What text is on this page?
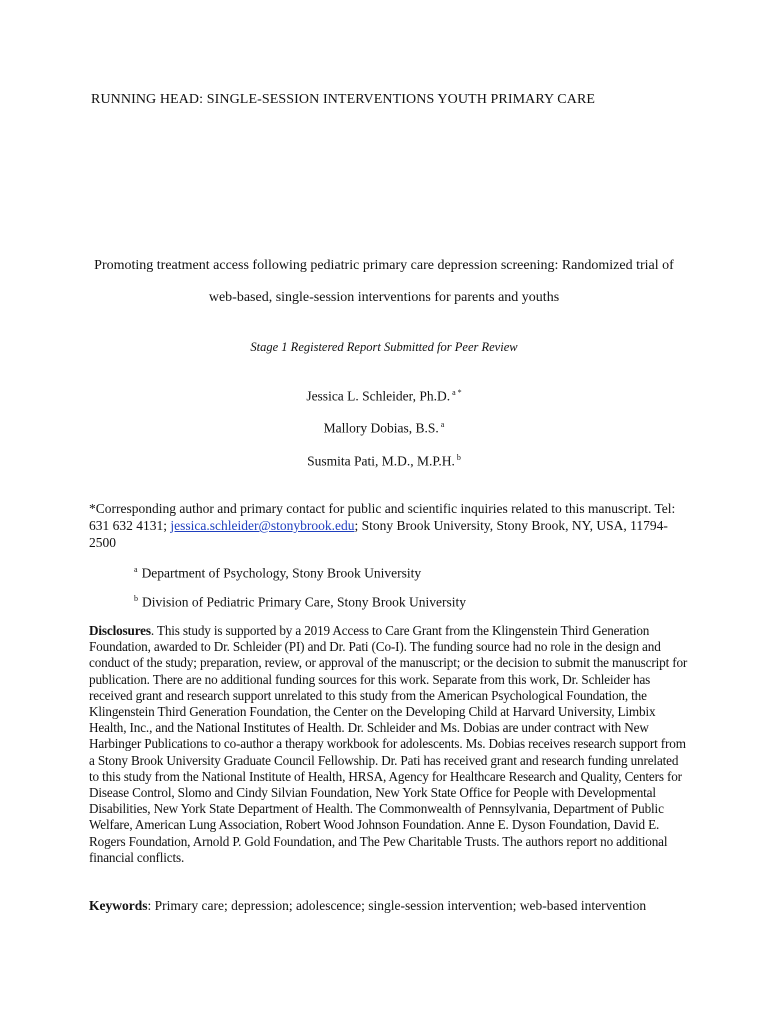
RUNNING HEAD: SINGLE-SESSION INTERVENTIONS YOUTH PRIMARY CARE
Promoting treatment access following pediatric primary care depression screening: Randomized trial of
web-based, single-session interventions for parents and youths
Stage 1 Registered Report Submitted for Peer Review
Jessica L. Schleider, Ph.D. $^{a *}$
Mallory Dobias, B.S. $^a$
Susmita Pati, M.D., M.P.H. $^b$
*Corresponding author and primary contact for public and scientific inquiries related to this manuscript. Tel: 631 632 4131; jessica.schleider@stonybrook.edu; Stony Brook University, Stony Brook, NY, USA, 11794-2500
$^a$ Department of Psychology, Stony Brook University
$^b$ Division of Pediatric Primary Care, Stony Brook University
Disclosures. This study is supported by a 2019 Access to Care Grant from the Klingenstein Third Generation Foundation, awarded to Dr. Schleider (PI) and Dr. Pati (Co-I). The funding source had no role in the design and conduct of the study; preparation, review, or approval of the manuscript; or the decision to submit the manuscript for publication. There are no additional funding sources for this work. Separate from this work, Dr. Schleider has received grant and research support unrelated to this study from the American Psychological Foundation, the Klingenstein Third Generation Foundation, the Center on the Developing Child at Harvard University, Limbix Health, Inc., and the National Institutes of Health. Dr. Schleider and Ms. Dobias are under contract with New Harbinger Publications to co-author a therapy workbook for adolescents. Ms. Dobias receives research support from a Stony Brook University Graduate Council Fellowship. Dr. Pati has received grant and research funding unrelated to this study from the National Institute of Health, HRSA, Agency for Healthcare Research and Quality, Centers for Disease Control, Slomo and Cindy Silvian Foundation, New York State Office for People with Developmental Disabilities, New York State Department of Health. The Commonwealth of Pennsylvania, Department of Public Welfare, American Lung Association, Robert Wood Johnson Foundation. Anne E. Dyson Foundation, David E. Rogers Foundation, Arnold P. Gold Foundation, and The Pew Charitable Trusts. The authors report no additional financial conflicts.
Keywords: Primary care; depression; adolescence; single-session intervention; web-based intervention
